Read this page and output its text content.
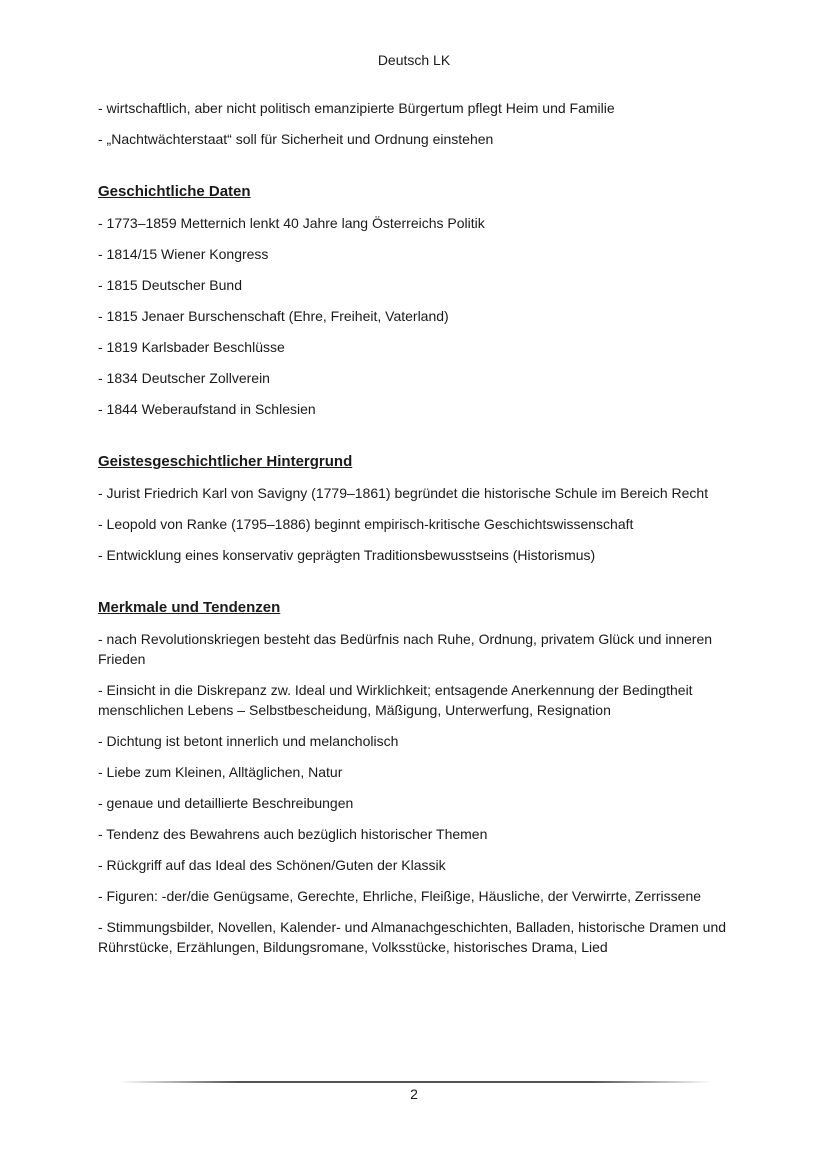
Deutsch LK
- wirtschaftlich, aber nicht politisch emanzipierte Bürgertum pflegt Heim und Familie
- „Nachtwächterstaat“ soll für Sicherheit und Ordnung einstehen
Geschichtliche Daten
- 1773–1859 Metternich lenkt 40 Jahre lang Österreichs Politik
- 1814/15 Wiener Kongress
- 1815 Deutscher Bund
- 1815 Jenaer Burschenschaft (Ehre, Freiheit, Vaterland)
- 1819 Karlsbader Beschlüsse
- 1834 Deutscher Zollverein
- 1844 Weberaufstand in Schlesien
Geistesgeschichtlicher Hintergrund
- Jurist Friedrich Karl von Savigny (1779–1861) begründet die historische Schule im Bereich Recht
- Leopold von Ranke (1795–1886) beginnt empirisch-kritische Geschichtswissenschaft
- Entwicklung eines konservativ geprägten Traditionsbewusstseins (Historismus)
Merkmale und Tendenzen
- nach Revolutionskriegen besteht das Bedürfnis nach Ruhe, Ordnung, privatem Glück und inneren Frieden
- Einsicht in die Diskrepanz zw. Ideal und Wirklichkeit; entsagende Anerkennung der Bedingtheit menschlichen Lebens – Selbstbescheidung, Mäßigung, Unterwerfung, Resignation
- Dichtung ist betont innerlich und melancholisch
- Liebe zum Kleinen, Alltäglichen, Natur
- genaue und detaillierte Beschreibungen
- Tendenz des Bewahrens auch bezüglich historischer Themen
- Rückgriff auf das Ideal des Schönen/Guten der Klassik
- Figuren: -der/die Genügsame, Gerechte, Ehrliche, Fleißige, Häusliche, der Verwirrte, Zerrissene
- Stimmungsbilder, Novellen, Kalender- und Almanachgeschichten, Balladen, historische Dramen und Rührstücke, Erzählungen, Bildungsromane, Volksstücke, historisches Drama, Lied
2
